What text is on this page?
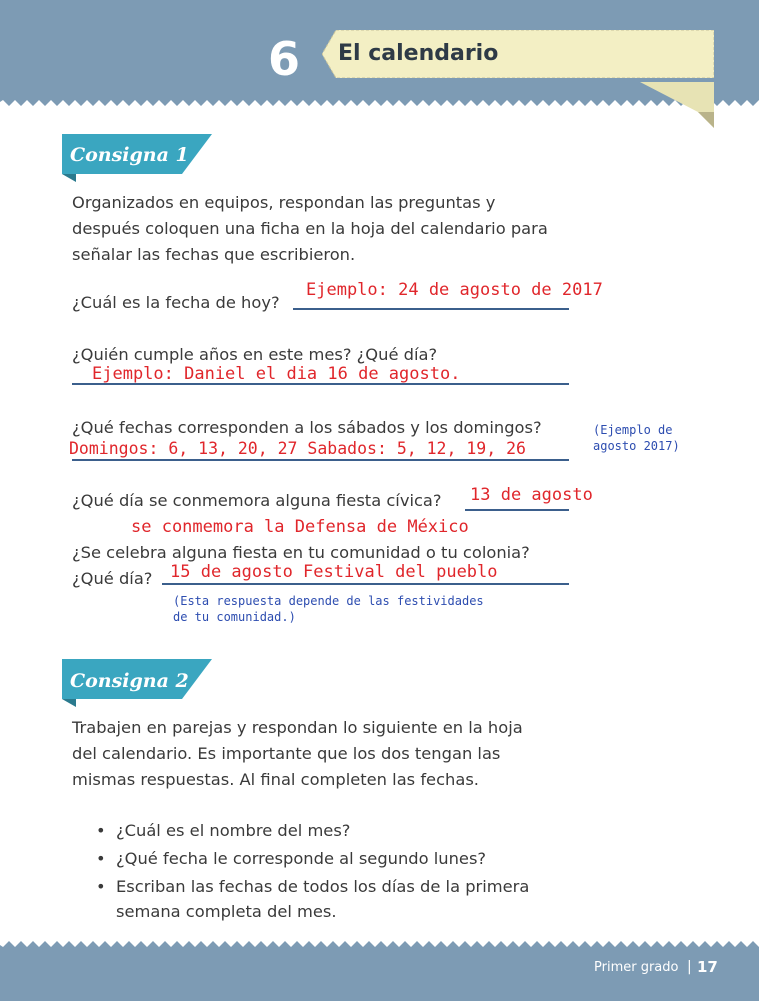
6 El calendario
Consigna 1

Organizados en equipos, respondan las preguntas y después coloquen una ficha en la hoja del calendario para señalar las fechas que escribieron.

¿Cuál es la fecha de hoy?
Ejemplo: 24 de agosto de 2017
¿Quién cumple años en este mes? ¿Qué día?
Ejemplo: Daniel el dia 16 de agosto.
¿Qué fechas corresponden a los sábados y los domingos?
Domingos: 6, 13, 20, 27 Sabados: 5, 12, 19, 26
(Ejemplo de
agosto 2017)
¿Qué día se conmemora alguna fiesta cívica? 13 de agosto
se conmemora la Defensa de México
¿Se celebra alguna fiesta en tu comunidad o tu colonia?
¿Qué día? 15 de agosto Festival del pueblo
(Esta respuesta depende de las festividades
de tu comunidad.)
Consigna 2

Trabajen en parejas y respondan lo siguiente en la hoja del calendario. Es importante que los dos tengan las mismas respuestas. Al final completen las fechas.

• ¿Cuál es el nombre del mes?
• ¿Qué fecha le corresponde al segundo lunes?
• Escriban las fechas de todos los días de la primera semana completa del mes.
Primer grado | 17
